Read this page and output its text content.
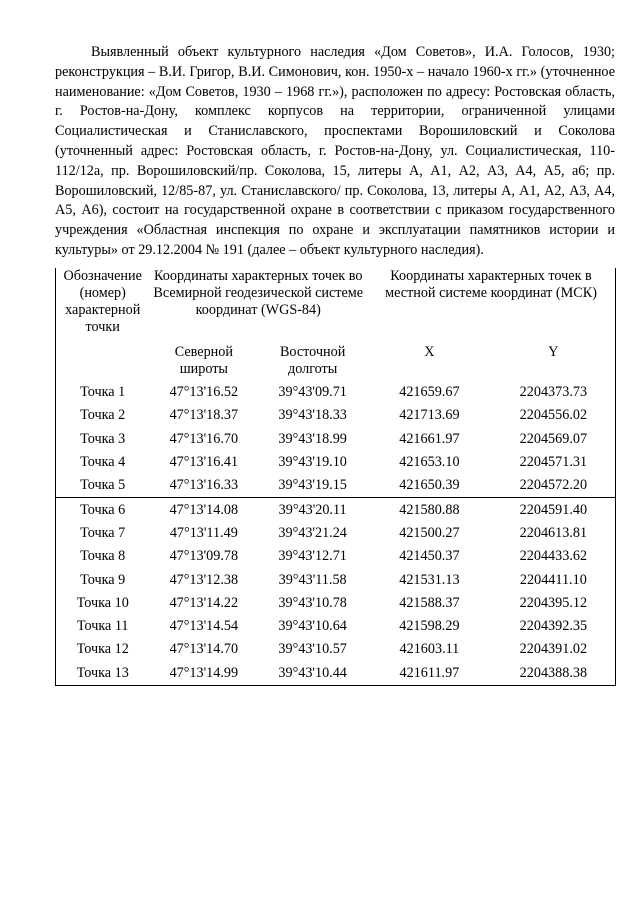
Выявленный объект культурного наследия «Дом Советов», И.А. Голосов, 1930; реконструкция – В.И. Григор, В.И. Симонович, кон. 1950-х – начало 1960-х гг.» (уточненное наименование: «Дом Советов, 1930 – 1968 гг.»), расположен по адресу: Ростовская область, г. Ростов-на-Дону, комплекс корпусов на территории, ограниченной улицами Социалистическая и Станиславского, проспектами Ворошиловский и Соколова (уточненный адрес: Ростовская область, г. Ростов-на-Дону, ул. Социалистическая, 110-112/12а, пр. Ворошиловский/пр. Соколова, 15, литеры А, А1, А2, А3, А4, А5, а6; пр. Ворошиловский, 12/85-87, ул. Станиславского/ пр. Соколова, 13, литеры А, А1, А2, А3, А4, А5, А6), состоит на государственной охране в соответствии с приказом государственного учреждения «Областная инспекция по охране и эксплуатации памятников истории и культуры» от 29.12.2004 № 191 (далее – объект культурного наследия).

Обозначение (номер) характерной точки	Координаты характерных точек во Всемирной геодезической системе координат (WGS-84)		Координаты характерных точек в местной системе координат (МСК)	
	Северной широты	Восточной долготы	X	Y
Точка 1	47°13'16.52	39°43'09.71	421659.67	2204373.73
Точка 2	47°13'18.37	39°43'18.33	421713.69	2204556.02
Точка 3	47°13'16.70	39°43'18.99	421661.97	2204569.07
Точка 4	47°13'16.41	39°43'19.10	421653.10	2204571.31
Точка 5	47°13'16.33	39°43'19.15	421650.39	2204572.20
Точка 6	47°13'14.08	39°43'20.11	421580.88	2204591.40
Точка 7	47°13'11.49	39°43'21.24	421500.27	2204613.81
Точка 8	47°13'09.78	39°43'12.71	421450.37	2204433.62
Точка 9	47°13'12.38	39°43'11.58	421531.13	2204411.10
Точка 10	47°13'14.22	39°43'10.78	421588.37	2204395.12
Точка 11	47°13'14.54	39°43'10.64	421598.29	2204392.35
Точка 12	47°13'14.70	39°43'10.57	421603.11	2204391.02
Точка 13	47°13'14.99	39°43'10.44	421611.97	2204388.38
